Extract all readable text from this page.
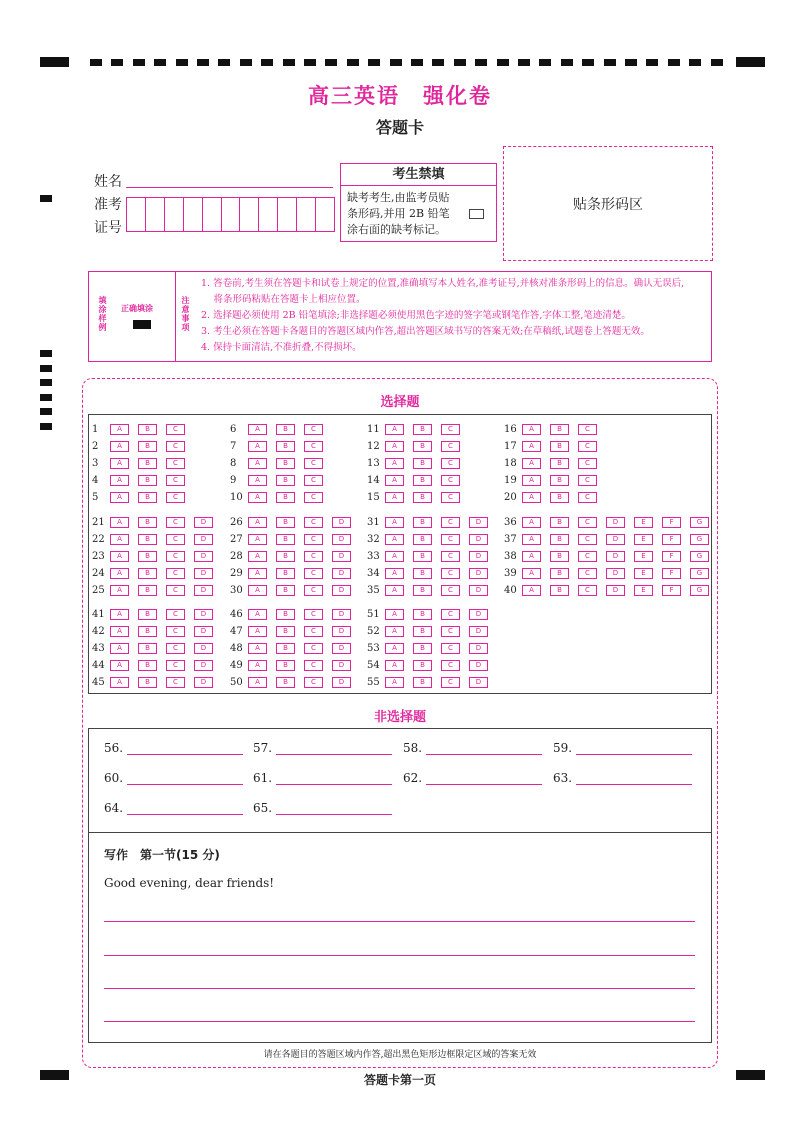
高三英语　强化卷
答题卡
姓名
准考
证号
考生禁填
缺考考生,由监考员贴
条形码,并用 2B 铅笔
涂右面的缺考标记。
贴条形码区
填涂样例 正确填涂	注意事项
1. 答卷前,考生须在答题卡和试卷上规定的位置,准确填写本人姓名,准考证号,并核对准条形码上的信息。确认无误后,
　 将条形码粘贴在答题卡上相应位置。
2. 选择题必须使用 2B 铅笔填涂;非选择题必须使用黑色字迹的签字笔或钢笔作答,字体工整,笔迹清楚。
3. 考生必须在答题卡各题目的答题区域内作答,超出答题区域书写的答案无效;在草稿纸,试题卷上答题无效。
4. 保持卡面清洁,不准折叠,不得损坏。
选择题
1	A	B	C
2	A	B	C
3	A	B	C
4	A	B	C
5	A	B	C
6	A	B	C
7	A	B	C
8	A	B	C
9	A	B	C
10 A	B	C
11 A	B	C
12 A	B	C
13 A	B	C
14 A	B	C
15 A	B	C
16 A	B	C
17 A	B	C
18 A	B	C
19 A	B	C
20 A	B	C
21 A	B	C	D
22 A	B	C	D
23 A	B	C	D
24 A	B	C	D
25 A	B	C	D
26 A	B	C	D
27 A	B	C	D
28 A	B	C	D
29 A	B	C	D
30 A	B	C	D
31 A	B	C	D
32 A	B	C	D
33 A	B	C	D
34 A	B	C	D
35 A	B	C	D
36 A	B	C	D	E	F	G
37 A	B	C	D	E	F	G
38 A	B	C	D	E	F	G
39 A	B	C	D	E	F	G
40 A	B	C	D	E	F	G
41 A	B	C	D
42 A	B	C	D
43 A	B	C	D
44 A	B	C	D
45 A	B	C	D
46 A	B	C	D
47 A	B	C	D
48 A	B	C	D
49 A	B	C	D
50 A	B	C	D
51 A	B	C	D
52 A	B	C	D
53 A	B	C	D
54 A	B	C	D
55 A	B	C	D
非选择题
56.	57.	58.	59.
60.	61.	62.	63.
64.	65.
写作　第一节(15 分)
Good evening, dear friends!
请在各题目的答题区域内作答,超出黑色矩形边框限定区域的答案无效
答题卡第一页
